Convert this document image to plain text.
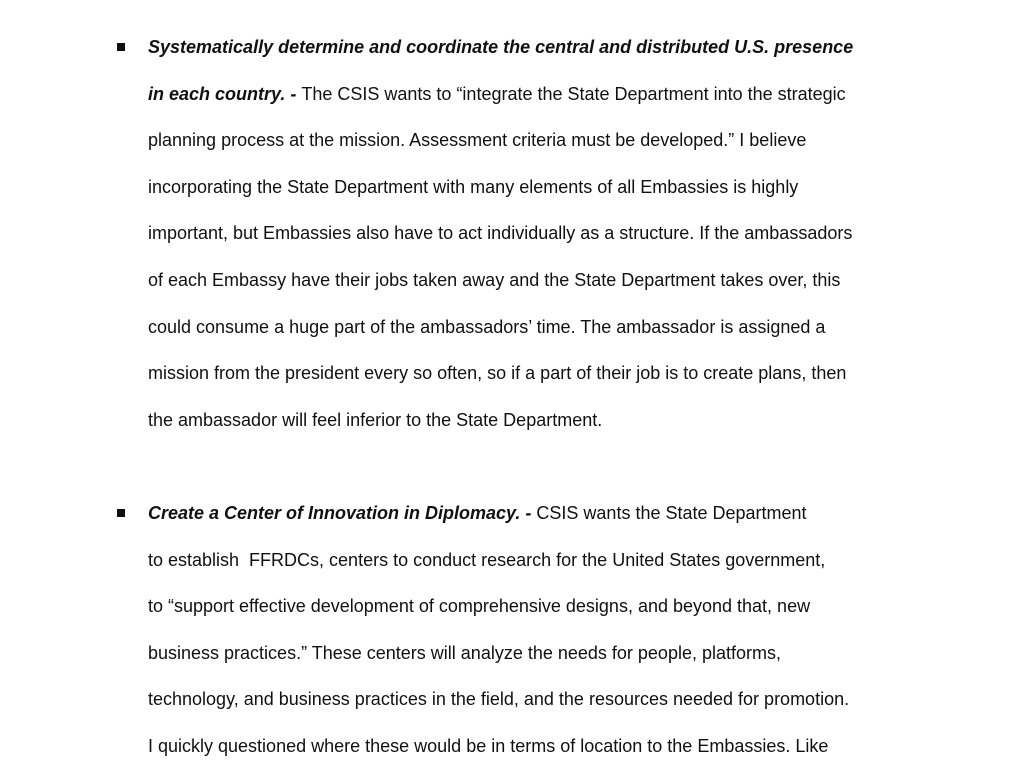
Systematically determine and coordinate the central and distributed U.S. presence
in each country. - The CSIS wants to “integrate the State Department into the strategic
planning process at the mission. Assessment criteria must be developed.” I believe
incorporating the State Department with many elements of all Embassies is highly
important, but Embassies also have to act individually as a structure. If the ambassadors
of each Embassy have their jobs taken away and the State Department takes over, this
could consume a huge part of the ambassadors’ time. The ambassador is assigned a
mission from the president every so often, so if a part of their job is to create plans, then
the ambassador will feel inferior to the State Department.
Create a Center of Innovation in Diplomacy. - CSIS wants the State Department
to establish  FFRDCs, centers to conduct research for the United States government,
to “support effective development of comprehensive designs, and beyond that, new
business practices.” These centers will analyze the needs for people, platforms,
technology, and business practices in the field, and the resources needed for promotion.
I quickly questioned where these would be in terms of location to the Embassies. Like
